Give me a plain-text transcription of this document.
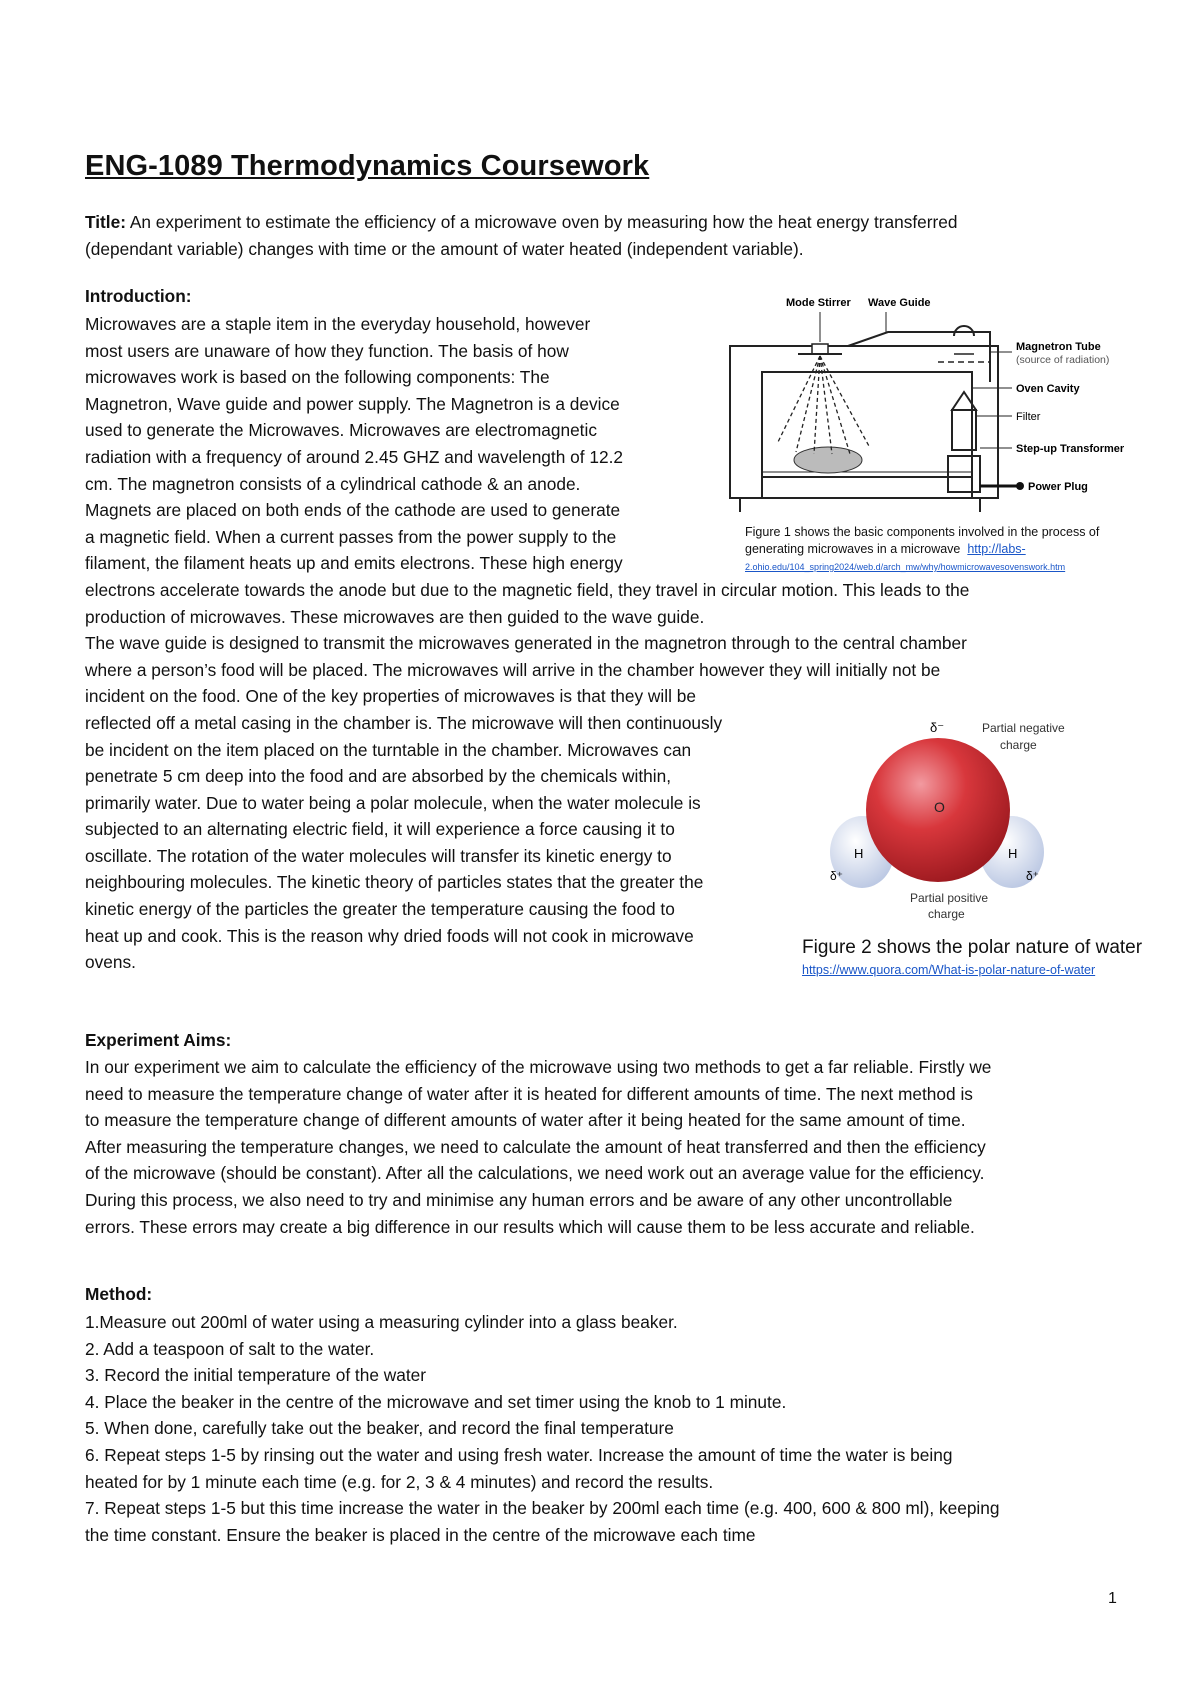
ENG-1089 Thermodynamics Coursework

Title: An experiment to estimate the efficiency of a microwave oven by measuring how the heat energy transferred
(dependant variable) changes with time or the amount of water heated (independent variable).

Introduction:

Microwaves are a staple item in the everyday household, however
most users are unaware of how they function. The basis of how
microwaves work is based on the following components: The
Magnetron, Wave guide and power supply. The Magnetron is a device
used to generate the Microwaves. Microwaves are electromagnetic
radiation with a frequency of around 2.45 GHZ and wavelength of 12.2
cm. The magnetron consists of a cylindrical cathode & an anode.
Magnets are placed on both ends of the cathode are used to generate
a magnetic field. When a current passes from the power supply to the
filament, the filament heats up and emits electrons. These high energy
electrons accelerate towards the anode but due to the magnetic field, they travel in circular motion. This leads to the
production of microwaves. These microwaves are then guided to the wave guide.
The wave guide is designed to transmit the microwaves generated in the magnetron through to the central chamber
where a person’s food will be placed. The microwaves will arrive in the chamber however they will initially not be
incident on the food. One of the key properties of microwaves is that they will be
reflected off a metal casing in the chamber is. The microwave will then continuously
be incident on the item placed on the turntable in the chamber. Microwaves can
penetrate 5 cm deep into the food and are absorbed by the chemicals within,
primarily water. Due to water being a polar molecule, when the water molecule is
subjected to an alternating electric field, it will experience a force causing it to
oscillate. The rotation of the water molecules will transfer its kinetic energy to
neighbouring molecules. The kinetic theory of particles states that the greater the
kinetic energy of the particles the greater the temperature causing the food to
heat up and cook. This is the reason why dried foods will not cook in microwave
ovens.
Mode Stirrer Wave Guide
Magnetron Tube
(source of radiation)
Oven Cavity
Filter
Step-up Transformer
Power Plug
Figure 1 shows the basic components involved in the process of
generating microwaves in a microwave http://labs-
2.ohio.edu/104_spring2024/web.d/arch_mw/why/howmicrowavesovenswork.htm
O
H	H
δ⁻	Partial negative
charge
δ⁺	δ⁺
Partial positive
charge
Figure 2 shows the polar nature of water
https://www.quora.com/What-is-polar-nature-of-water

Experiment Aims:

In our experiment we aim to calculate the efficiency of the microwave using two methods to get a far reliable. Firstly we
need to measure the temperature change of water after it is heated for different amounts of time. The next method is
to measure the temperature change of different amounts of water after it being heated for the same amount of time.
After measuring the temperature changes, we need to calculate the amount of heat transferred and then the efficiency
of the microwave (should be constant). After all the calculations, we need work out an average value for the efficiency.
During this process, we also need to try and minimise any human errors and be aware of any other uncontrollable
errors. These errors may create a big difference in our results which will cause them to be less accurate and reliable.

Method:

1.Measure out 200ml of water using a measuring cylinder into a glass beaker.
2. Add a teaspoon of salt to the water.
3. Record the initial temperature of the water
4. Place the beaker in the centre of the microwave and set timer using the knob to 1 minute.
5. When done, carefully take out the beaker, and record the final temperature
6. Repeat steps 1-5 by rinsing out the water and using fresh water. Increase the amount of time the water is being
heated for by 1 minute each time (e.g. for 2, 3 & 4 minutes) and record the results.
7. Repeat steps 1-5 but this time increase the water in the beaker by 200ml each time (e.g. 400, 600 & 800 ml), keeping
the time constant. Ensure the beaker is placed in the centre of the microwave each time
1
